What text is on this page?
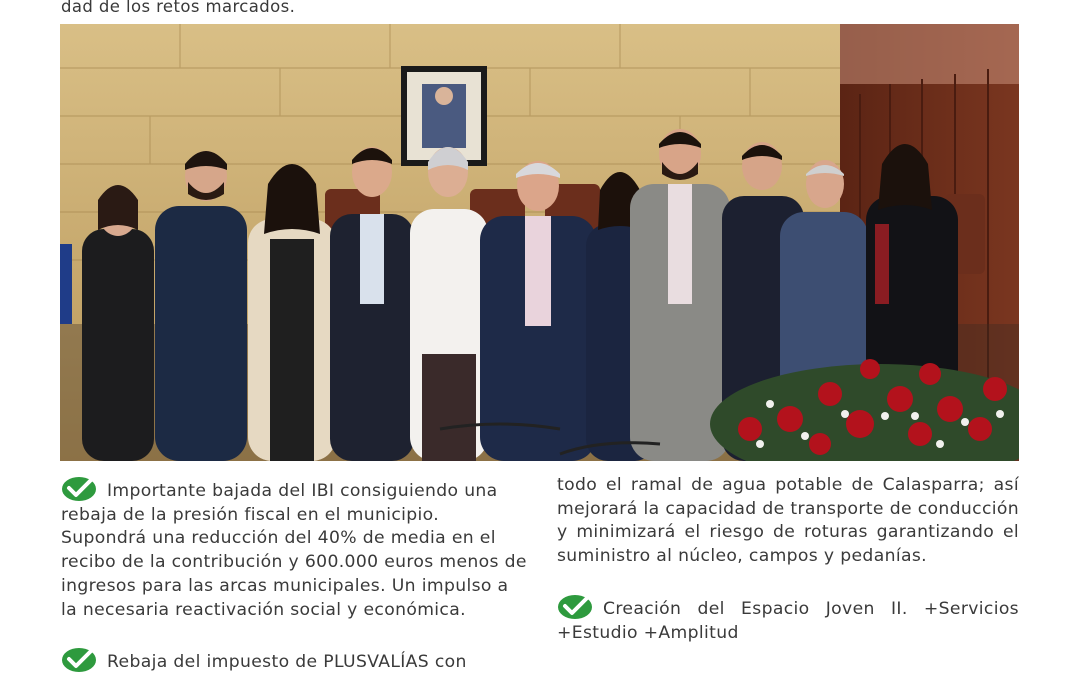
dad de los retos marcados.

Importante bajada del IBI consiguiendo una rebaja de la presión fiscal en el municipio. Supondrá una reducción del 40% de media en el recibo de la contribución y 600.000 euros menos de ingresos para las arcas municipales. Un impulso a la necesaria reactivación social y económica.

Rebaja del impuesto de PLUSVALÍAS con

todo el ramal de agua potable de Calasparra; así mejorará la capacidad de transporte de conducción y minimizará el riesgo de roturas garantizando el suministro al núcleo, campos y pedanías.

Creación del Espacio Joven II. +Servicios +Estudio +Amplitud
